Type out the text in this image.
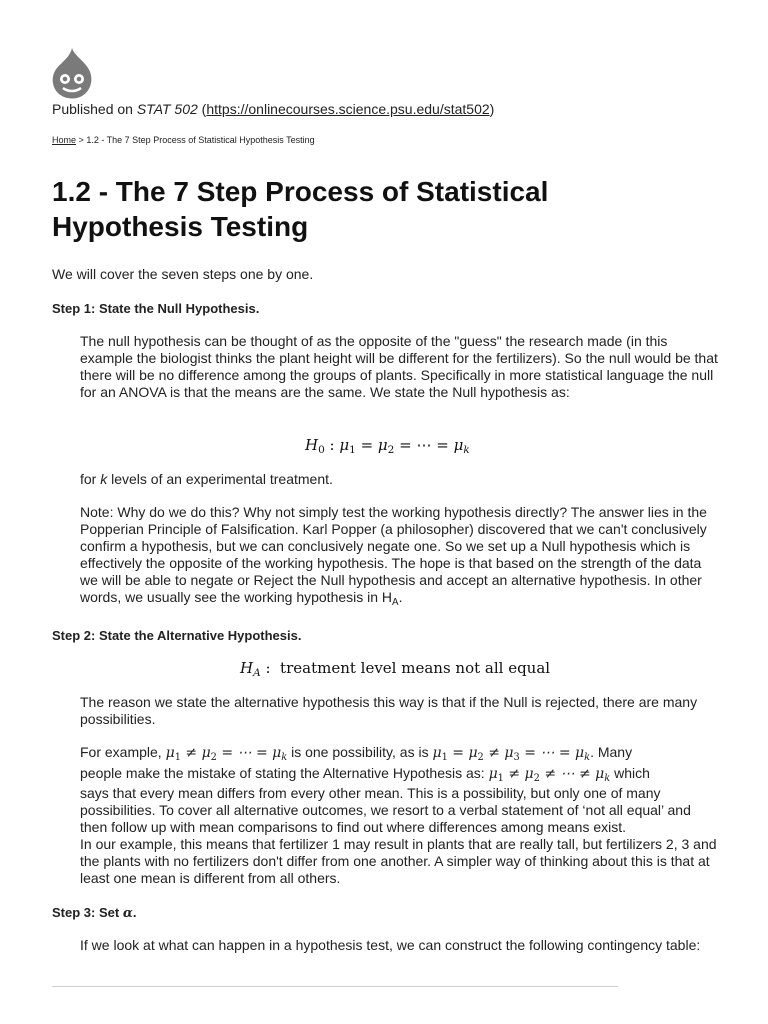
Published on STAT 502 (https://onlinecourses.science.psu.edu/stat502)
Home > 1.2 - The 7 Step Process of Statistical Hypothesis Testing
1.2 - The 7 Step Process of Statistical Hypothesis Testing

We will cover the seven steps one by one.

Step 1: State the Null Hypothesis.

The null hypothesis can be thought of as the opposite of the "guess" the research made (in this example the biologist thinks the plant height will be different for the fertilizers). So the null would be that there will be no difference among the groups of plants. Specifically in more statistical language the null for an ANOVA is that the means are the same. We state the Null hypothesis as:

$H_0$ : $\mu_1 = \mu_2$ = ⋯ = $\mu_k$

for k levels of an experimental treatment.

Note: Why do we do this? Why not simply test the working hypothesis directly? The answer lies in the Popperian Principle of Falsification. Karl Popper (a philosopher) discovered that we can't conclusively confirm a hypothesis, but we can conclusively negate one. So we set up a Null hypothesis which is effectively the opposite of the working hypothesis. The hope is that based on the strength of the data we will be able to negate or Reject the Null hypothesis and accept an alternative hypothesis. In other words, we usually see the working hypothesis in $H_A$.

Step 2: State the Alternative Hypothesis.

$H_A$ :  treatment level means not all equal

The reason we state the alternative hypothesis this way is that if the Null is rejected, there are many possibilities.

For example, $\mu_1 \ne \mu_2$ = ⋯ = $\mu_k$ is one possibility, as is $\mu_1 = \mu_2 \ne \mu_3$ = ⋯ = $\mu_k$. Many

people make the mistake of stating the Alternative Hypothesis as: $\mu_1 \ne \mu_2$ ≠ ⋯ ≠ $\mu_k$ which

says that every mean differs from every other mean. This is a possibility, but only one of many possibilities. To cover all alternative outcomes, we resort to a verbal statement of ‘not all equal’ and then follow up with mean comparisons to find out where differences among means exist.

In our example, this means that fertilizer 1 may result in plants that are really tall, but fertilizers 2, 3 and the plants with no fertilizers don't differ from one another. A simpler way of thinking about this is that at least one mean is different from all others.

Step 3: Set α.

If we look at what can happen in a hypothesis test, we can construct the following contingency table:
